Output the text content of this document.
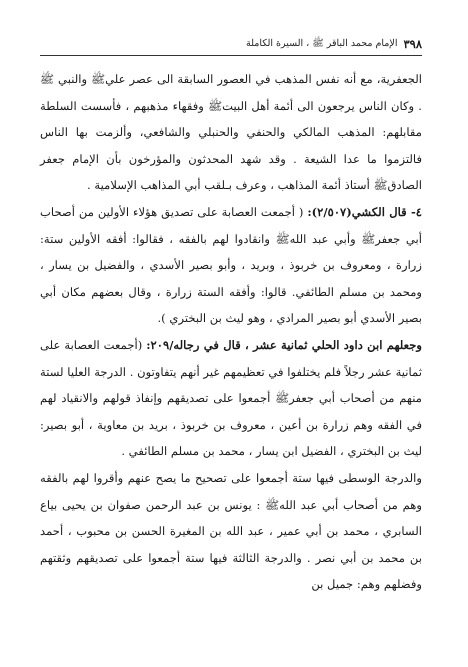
٣٩٨
الإمام محمد الباقر ﷺ ، السيرة الكاملة

الجعفرية، مع أنه نفس المذهب في العصور السابقة الى عصر عليﷺ والنبي ﷺ . وكان الناس يرجعون الى أئمة أهل البيتﷺ وفقهاء مذهبهم ، فأسست السلطة مقابلهم: المذهب المالكي والحنفي والحنبلي والشافعي، وألزمت بها الناس فالتزموا ما عدا الشيعة . وقد شهد المحدثون والمؤرخون بأن الإمام جعفر الصادقﷺ أستاذ أئمة المذاهب ، وعرف بـلقب أبي المذاهب الإسلامية .

٤- قال الكشي(٢/٥٠٧): ( أجمعت العصابة على تصديق هؤلاء الأولين من أصحاب أبي جعفرﷺ وأبي عبد اللهﷺ وانقادوا لهم بالفقه ، فقالوا: أفقه الأولين ستة: زرارة ، ومعروف بن خربوذ ، وبريد ، وأبو بصير الأسدي ، والفضيل بن يسار ، ومحمد بن مسلم الطائفي. قالوا: وأفقه الستة زرارة ، وقال بعضهم مكان أبي بصير الأسدي أبو بصير المرادي ، وهو ليث بن البختري ).

وجعلهم ابن داود الحلي ثمانية عشر ، قال في رجاله/٢٠٩: (أجمعت العصابة على ثمانية عشر رجلاً فلم يختلفوا في تعظيمهم غير أنهم يتفاوتون . الدرجة العليا لستة منهم من أصحاب أبي جعفرﷺ أجمعوا على تصديقهم وإنفاذ قولهم والانقياد لهم في الفقه وهم زرارة بن أعين ، معروف بن خربوذ ، بريد بن معاوية ، أبو بصير: ليث بن البختري ، الفضيل ابن يسار ، محمد بن مسلم الطائفي .

والدرجة الوسطى فيها ستة أجمعوا على تصحيح ما يصح عنهم وأقروا لهم بالفقه وهم من أصحاب أبي عبد اللهﷺ : يونس بن عبد الرحمن صفوان بن يحيى بياع السابري ، محمد بن أبي عمير ، عبد الله بن المغيرة الحسن بن محبوب ، أحمد بن محمد بن أبي نصر . والدرجة الثالثة فيها ستة أجمعوا على تصديقهم وثقتهم وفضلهم وهم: جميل بن
